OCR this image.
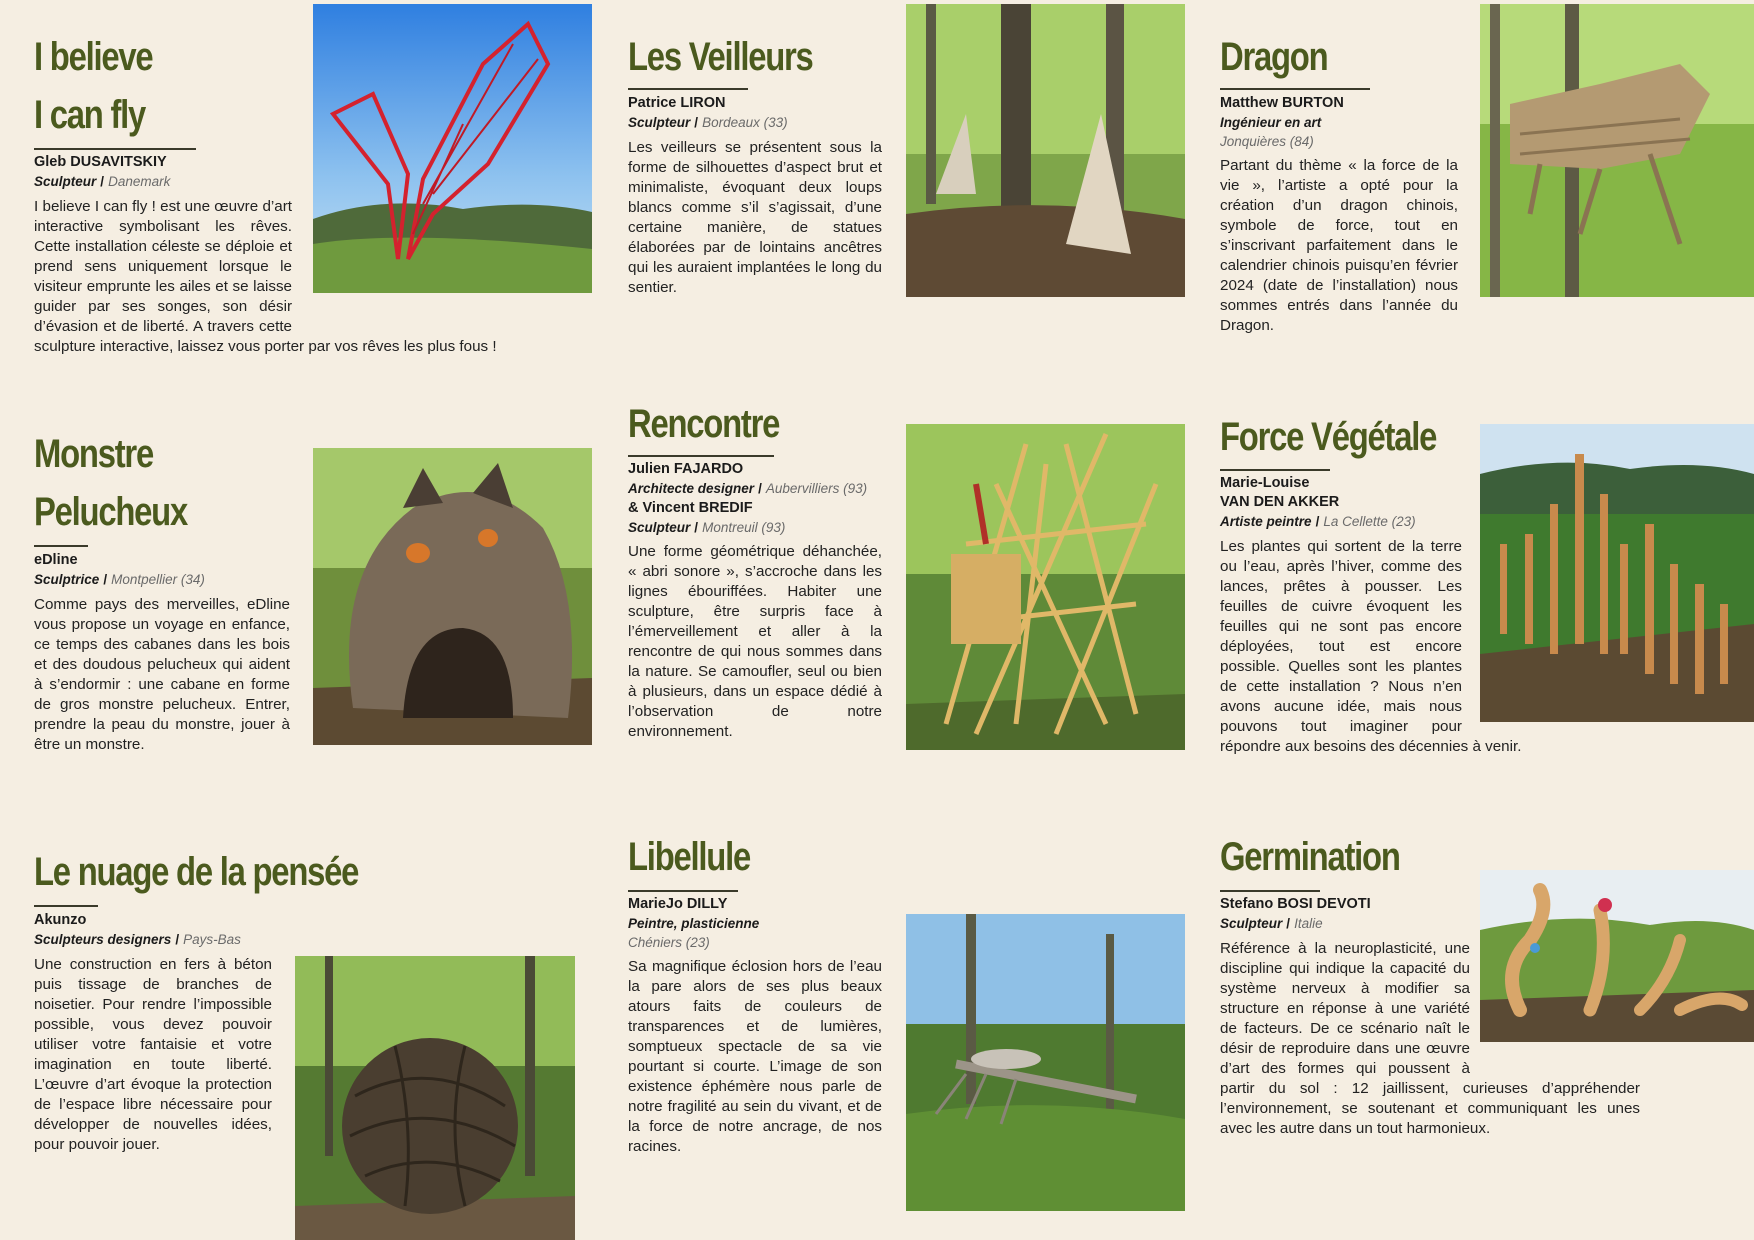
I believe
I can fly
Gleb DUSAVITSKIY
Sculpteur / Danemark
I believe I can fly ! est une œuvre d’art interactive symbolisant les rêves. Cette installation céleste se déploie et prend sens uniquement lorsque le visiteur emprunte les ailes et se laisse guider par ses songes, son désir d’évasion et de liberté. A travers cette sculpture interactive, laissez vous porter par vos rêves les plus fous !
Les Veilleurs
Patrice LIRON
Sculpteur / Bordeaux (33)
Les veilleurs se présentent sous la forme de silhouettes d’aspect brut et minimaliste, évoquant deux loups blancs comme s’il s’agissait, d’une certaine manière, de statues élaborées par de lointains ancêtres qui les auraient implantées le long du sentier.
Dragon
Matthew BURTON
Ingénieur en art
Jonquières (84)
Partant du thème « la force de la vie », l’artiste a opté pour la création d’un dragon chinois, symbole de force, tout en s’inscrivant parfaitement dans le calendrier chinois puisqu’en février 2024 (date de l’installation) nous sommes entrés dans l’année du Dragon.
Monstre
Pelucheux
eDline
Sculptrice / Montpellier (34)
Comme pays des merveilles, eDline vous propose un voyage en enfance, ce temps des cabanes dans les bois et des doudous pelucheux qui aident à s’endormir : une cabane en forme de gros monstre pelucheux. Entrer, prendre la peau du monstre, jouer à être un monstre.
Rencontre
Julien FAJARDO
Architecte designer / Aubervilliers (93)
& Vincent BREDIF
Sculpteur / Montreuil (93)
Une forme géométrique déhanchée, « abri sonore », s’accroche dans les lignes ébouriffées. Habiter une sculpture, être surpris face à l’émerveillement et aller à la rencontre de qui nous sommes dans la nature. Se camoufler, seul ou bien à plusieurs, dans un espace dédié à l’observation de notre environnement.
Force Végétale
Marie-Louise
VAN DEN AKKER
Artiste peintre / La Cellette (23)
Les plantes qui sortent de la terre ou l’eau, après l’hiver, comme des lances, prêtes à pousser. Les feuilles de cuivre évoquent les feuilles qui ne sont pas encore déployées, tout est encore possible. Quelles sont les plantes de cette installation ? Nous n’en avons aucune idée, mais nous pouvons tout imaginer pour répondre aux besoins des décennies à venir.
Le nuage de la pensée
Akunzo
Sculpteurs designers / Pays-Bas
Une construction en fers à béton puis tissage de branches de noisetier. Pour rendre l’impossible possible, vous devez pouvoir utiliser votre fantaisie et votre imagination en toute liberté. L’œuvre d’art évoque la protection de l’espace libre nécessaire pour développer de nouvelles idées, pour pouvoir jouer.
Libellule
MarieJo DILLY
Peintre, plasticienne
Chéniers (23)
Sa magnifique éclosion hors de l’eau la pare alors de ses plus beaux atours faits de couleurs de transparences et de lumières, somptueux spectacle de sa vie pourtant si courte. L’image de son existence éphémère nous parle de notre fragilité au sein du vivant, et de la force de notre ancrage, de nos racines.
Germination
Stefano BOSI DEVOTI
Sculpteur / Italie
Référence à la neuroplasticité, une discipline qui indique la capacité du système nerveux à modifier sa structure en réponse à une variété de facteurs. De ce scénario naît le désir de reproduire dans une œuvre d’art des formes qui poussent à partir du sol : 12 jaillissent, curieuses d’appréhender l’environnement, se soutenant et communiquant les unes avec les autre dans un tout harmonieux.
